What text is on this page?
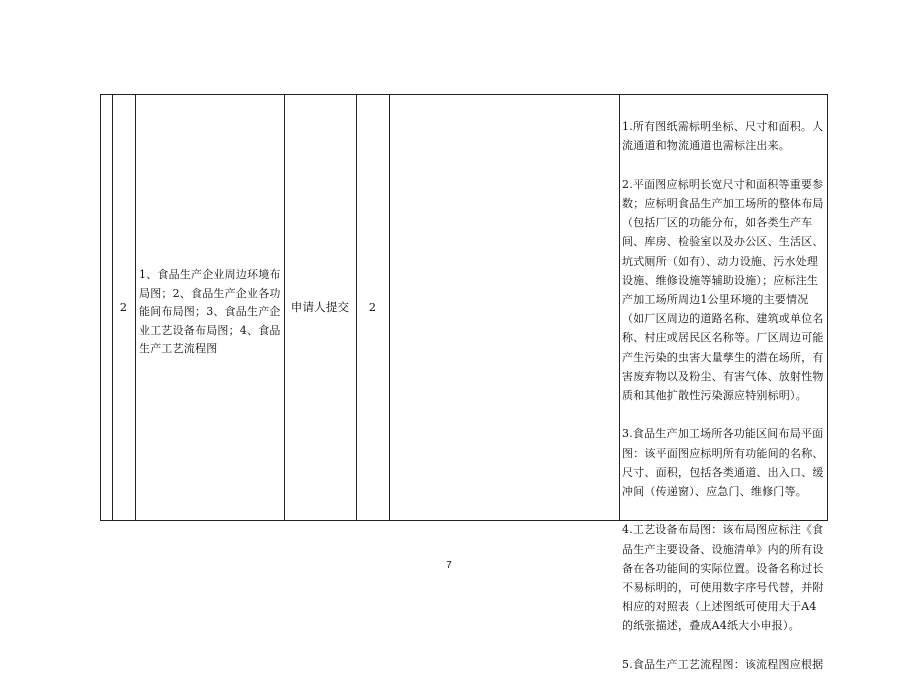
2
1、食品生产企业周边环境布局图；2、食品生产企业各功能间布局图；3、食品生产企业工艺设备布局图；4、食品生产工艺流程图
申请人提交 2

1.所有图纸需标明坐标、尺寸和面积。人流通道和物流通道也需标注出来。

2.平面图应标明长宽尺寸和面积等重要参数；应标明食品生产加工场所的整体布局（包括厂区的功能分布，如各类生产车间、库房、检验室以及办公区、生活区、坑式厕所（如有）、动力设施、污水处理设施、维修设施等辅助设施）；应标注生产加工场所周边1公里环境的主要情况（如厂区周边的道路名称、建筑或单位名称、村庄或居民区名称等。厂区周边可能产生污染的虫害大量孳生的潜在场所，有害废弃物以及粉尘、有害气体、放射性物质和其他扩散性污染源应特别标明）。

3.食品生产加工场所各功能区间布局平面图：该平面图应标明所有功能间的名称、尺寸、面积，包括各类通道、出入口、缓冲间（传递窗）、应急门、维修门等。

4.工艺设备布局图：该布局图应标注《食品生产主要设备、设施清单》内的所有设备在各功能间的实际位置。设备名称过长不易标明的，可使用数字序号代替，并附相应的对照表（上述图纸可使用大于A4的纸张描述，叠成A4纸大小申报）。

5.食品生产工艺流程图：该流程图应根据

7
